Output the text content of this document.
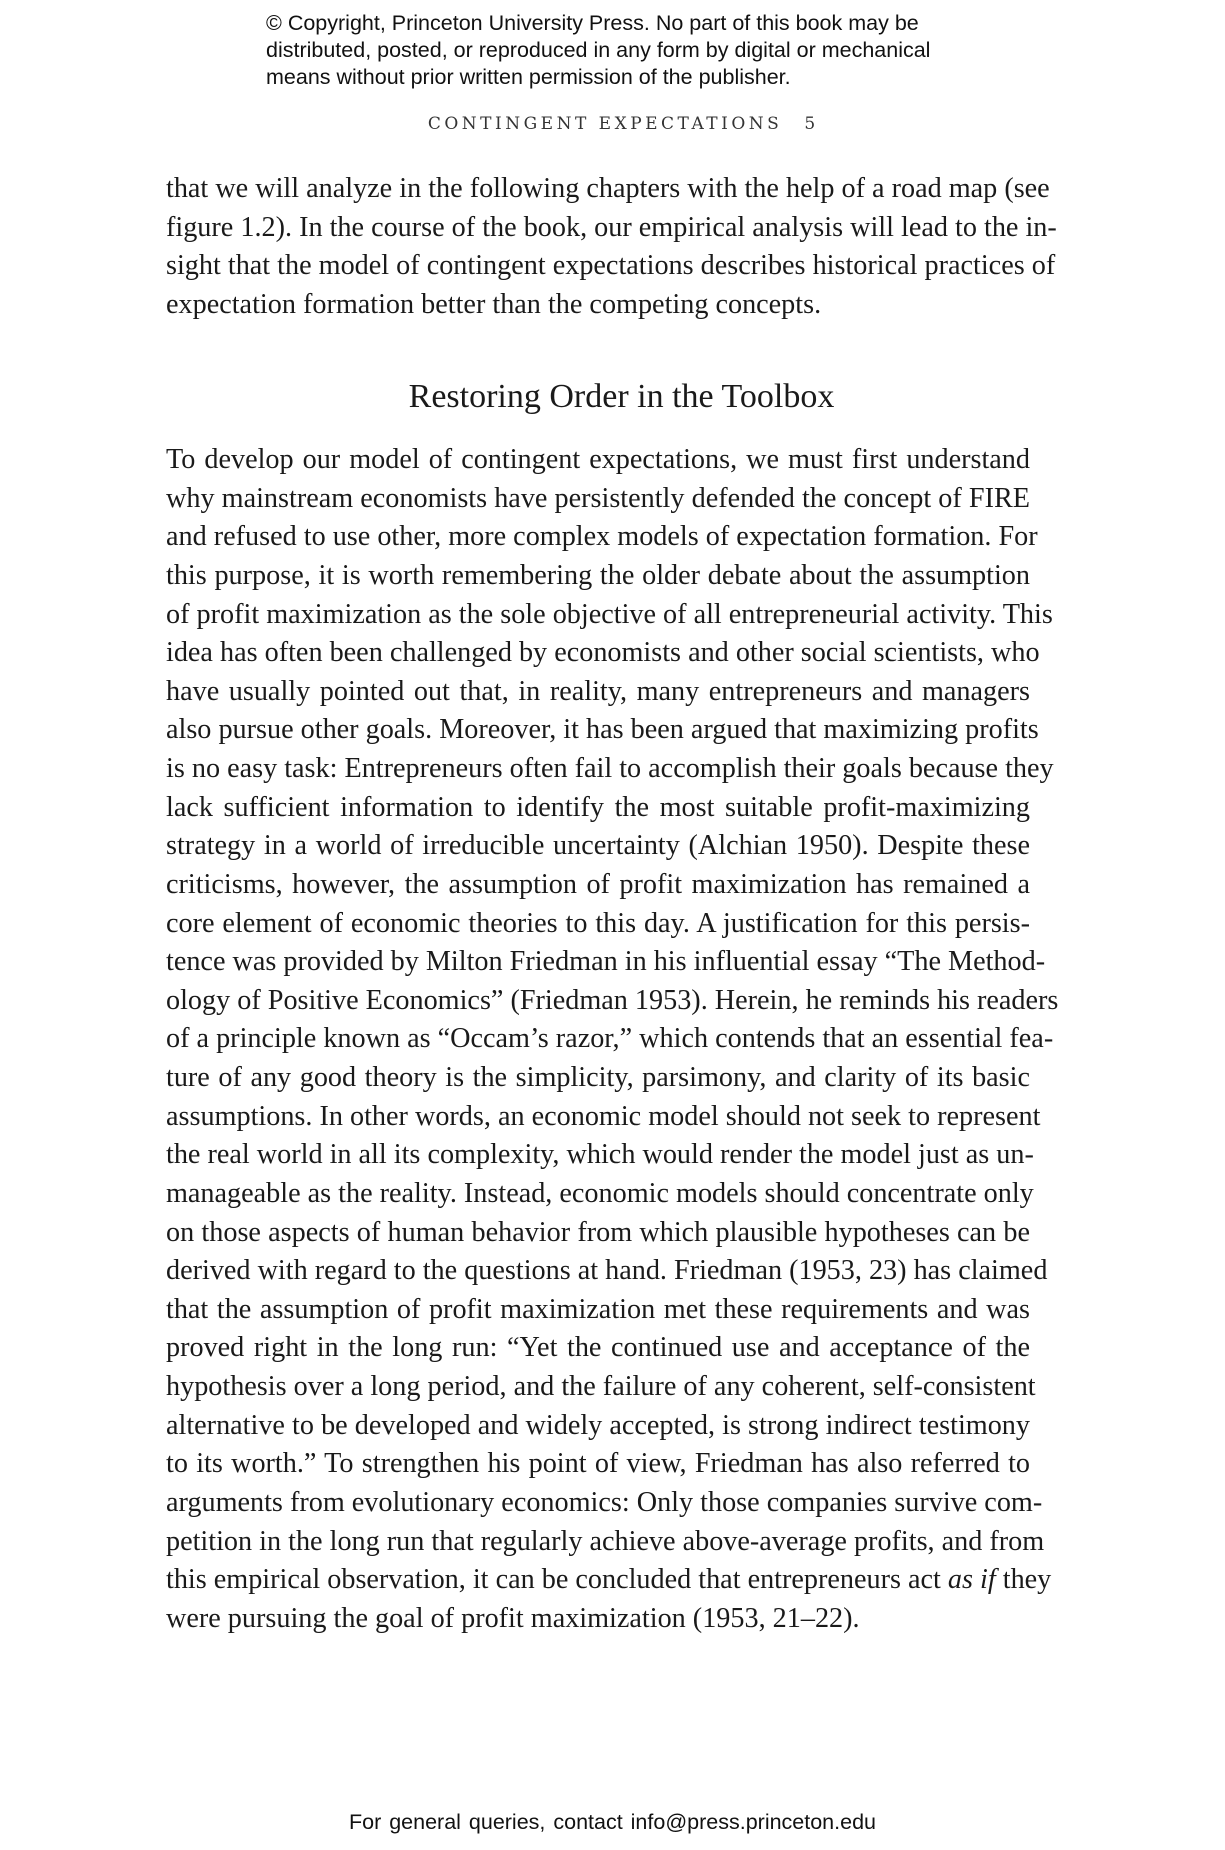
© Copyright, Princeton University Press. No part of this book may be
distributed, posted, or reproduced in any form by digital or mechanical
means without prior written permission of the publisher.
CONTINGENT EXPECTATIONS 5
that we will analyze in the following chapters with the help of a road map (see
figure 1.2). In the course of the book, our empirical analysis will lead to the in-
sight that the model of contingent expectations describes historical practices of
expectation formation better than the competing concepts.
Restoring Order in the Toolbox
To develop our model of contingent expectations, we must first understand
why mainstream economists have persistently defended the concept of FIRE
and refused to use other, more complex models of expectation formation. For
this purpose, it is worth remembering the older debate about the assumption
of profit maximization as the sole objective of all entrepreneurial activity. This
idea has often been challenged by economists and other social scientists, who
have usually pointed out that, in reality, many entrepreneurs and managers
also pursue other goals. Moreover, it has been argued that maximizing profits
is no easy task: Entrepreneurs often fail to accomplish their goals because they
lack sufficient information to identify the most suitable profit-maximizing
strategy in a world of irreducible uncertainty (Alchian 1950). Despite these
criticisms, however, the assumption of profit maximization has remained a
core element of economic theories to this day. A justification for this persis-
tence was provided by Milton Friedman in his influential essay “The Method-
ology of Positive Economics” (Friedman 1953). Herein, he reminds his readers
of a principle known as “Occam’s razor,” which contends that an essential fea-
ture of any good theory is the simplicity, parsimony, and clarity of its basic
assumptions. In other words, an economic model should not seek to represent
the real world in all its complexity, which would render the model just as un-
manageable as the reality. Instead, economic models should concentrate only
on those aspects of human behavior from which plausible hypotheses can be
derived with regard to the questions at hand. Friedman (1953, 23) has claimed
that the assumption of profit maximization met these requirements and was
proved right in the long run: “Yet the continued use and acceptance of the
hypothesis over a long period, and the failure of any coherent, self-consistent
alternative to be developed and widely accepted, is strong indirect testimony
to its worth.” To strengthen his point of view, Friedman has also referred to
arguments from evolutionary economics: Only those companies survive com-
petition in the long run that regularly achieve above-average profits, and from
this empirical observation, it can be concluded that entrepreneurs act as if they
were pursuing the goal of profit maximization (1953, 21–22).
For general queries, contact info@press.princeton.edu
